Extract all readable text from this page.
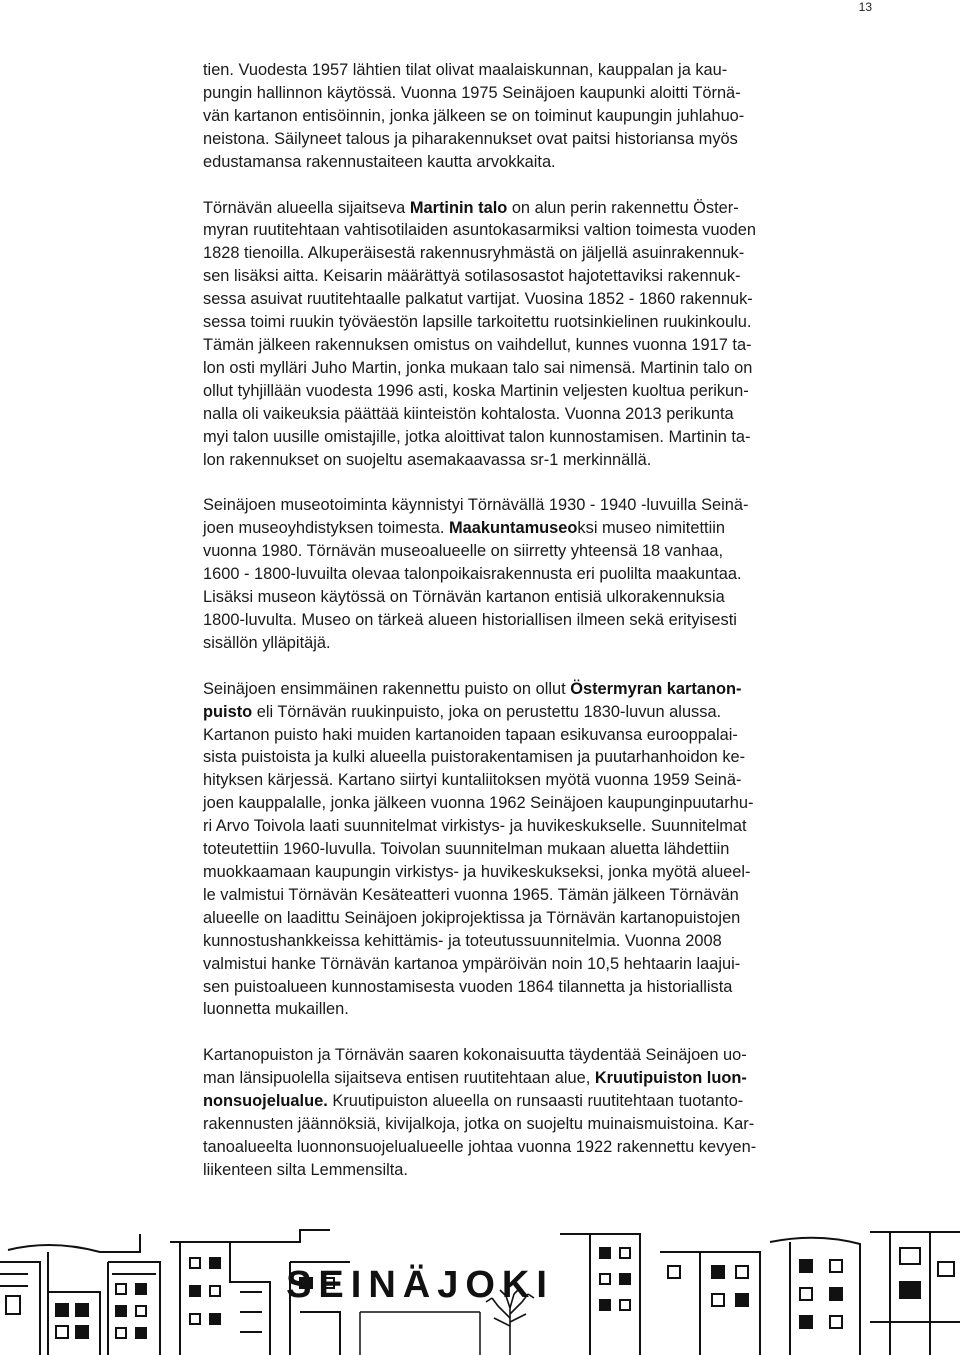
13

tien. Vuodesta 1957 lähtien tilat olivat maalaiskunnan, kauppalan ja kau-
pungin hallinnon käytössä. Vuonna 1975 Seinäjoen kaupunki aloitti Törnä-
vän kartanon entisöinnin, jonka jälkeen se on toiminut kaupungin juhlahuo-
neistona. Säilyneet talous ja piharakennukset ovat paitsi historiansa myös
edustamansa rakennustaiteen kautta arvokkaita.

Törnävän alueella sijaitseva Martinin talo on alun perin rakennettu Öster-
myran ruutitehtaan vahtisotilaiden asuntokasarmiksi valtion toimesta vuoden
1828 tienoilla. Alkuperäisestä rakennusryhmästä on jäljellä asuinrakennuk-
sen lisäksi aitta. Keisarin määrättyä sotilasosastot hajotettaviksi rakennuk-
sessa asuivat ruutitehtaalle palkatut vartijat. Vuosina 1852 - 1860 rakennuk-
sessa toimi ruukin työväestön lapsille tarkoitettu ruotsinkielinen ruukinkoulu.
Tämän jälkeen rakennuksen omistus on vaihdellut, kunnes vuonna 1917 ta-
lon osti mylläri Juho Martin, jonka mukaan talo sai nimensä. Martinin talo on
ollut tyhjillään vuodesta 1996 asti, koska Martinin veljesten kuoltua perikun-
nalla oli vaikeuksia päättää kiinteistön kohtalosta. Vuonna 2013 perikunta
myi talon uusille omistajille, jotka aloittivat talon kunnostamisen. Martinin ta-
lon rakennukset on suojeltu asemakaavassa sr-1 merkinnällä.

Seinäjoen museotoiminta käynnistyi Törnävällä 1930 - 1940 -luvuilla Seinä-
joen museoyhdistyksen toimesta. Maakuntamuseoksi museo nimitettiin
vuonna 1980. Törnävän museoalueelle on siirretty yhteensä 18 vanhaa,
1600 - 1800-luvuilta olevaa talonpoikaisrakennusta eri puolilta maakuntaa.
Lisäksi museon käytössä on Törnävän kartanon entisiä ulkorakennuksia
1800-luvulta. Museo on tärkeä alueen historiallisen ilmeen sekä erityisesti
sisällön ylläpitäjä.

Seinäjoen ensimmäinen rakennettu puisto on ollut Östermyran kartanon-
puisto eli Törnävän ruukinpuisto, joka on perustettu 1830-luvun alussa.
Kartanon puisto haki muiden kartanoiden tapaan esikuvansa eurooppalai-
sista puistoista ja kulki alueella puistorakentamisen ja puutarhanhoidon ke-
hityksen kärjessä. Kartano siirtyi kuntaliitoksen myötä vuonna 1959 Seinä-
joen kauppalalle, jonka jälkeen vuonna 1962 Seinäjoen kaupunginpuutarhu-
ri Arvo Toivola laati suunnitelmat virkistys- ja huvikeskukselle. Suunnitelmat
toteutettiin 1960-luvulla. Toivolan suunnitelman mukaan aluetta lähdettiin
muokkaamaan kaupungin virkistys- ja huvikeskukseksi, jonka myötä alueel-
le valmistui Törnävän Kesäteatteri vuonna 1965. Tämän jälkeen Törnävän
alueelle on laadittu Seinäjoen jokiprojektissa ja Törnävän kartanopuistojen
kunnostushankkeissa kehittämis- ja toteutussuunnitelmia. Vuonna 2008
valmistui hanke Törnävän kartanoa ympäröivän noin 10,5 hehtaarin laajui-
sen puistoalueen kunnostamisesta vuoden 1864 tilannetta ja historiallista
luonnetta mukaillen.

Kartanopuiston ja Törnävän saaren kokonaisuutta täydentää Seinäjoen uo-
man länsipuolella sijaitseva entisen ruutitehtaan alue, Kruutipuiston luon-
nonsuojelualue. Kruutipuiston alueella on runsaasti ruutitehtaan tuotanto-
rakennusten jäännöksiä, kivijalkoja, jotka on suojeltu muinaismuistoina. Kar-
tanoalueelta luonnonsuojelualueelle johtaa vuonna 1922 rakennettu kevyen-
liikenteen silta Lemmensilta.

SEINÄJOKI
